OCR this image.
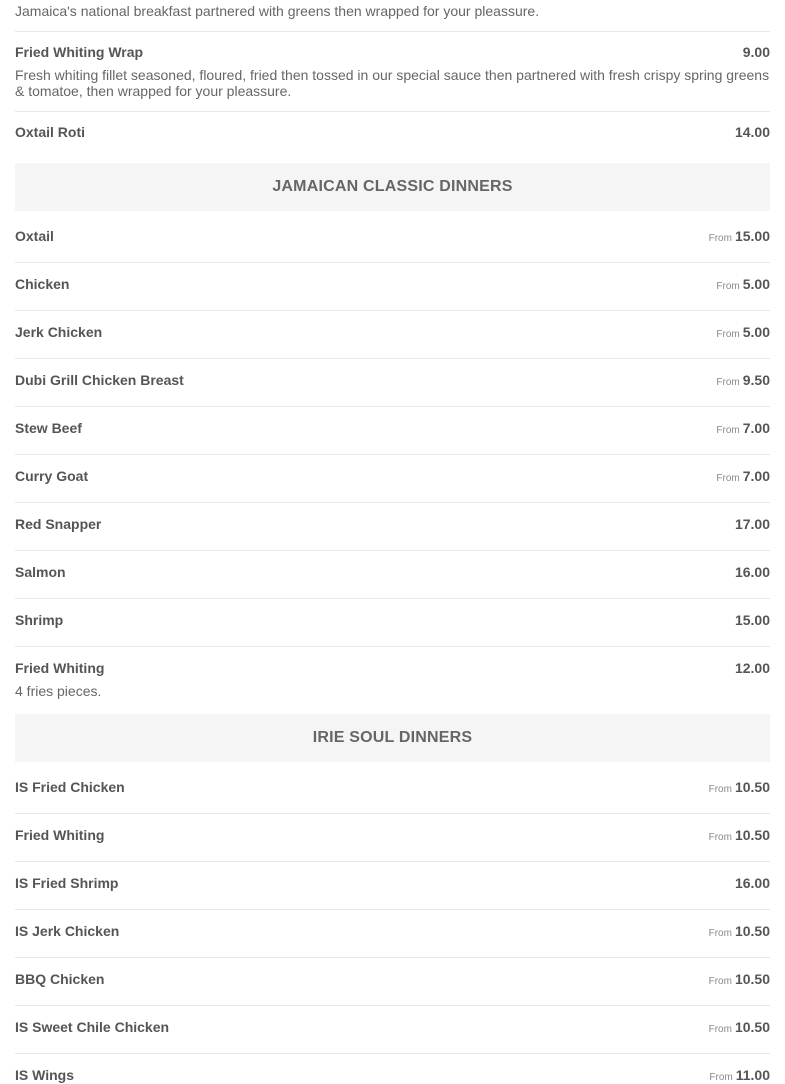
Jamaica's national breakfast partnered with greens then wrapped for your pleassure.
Fried Whiting Wrap	9.00
Fresh whiting fillet seasoned, floured, fried then tossed in our special sauce then partnered with fresh crispy spring greens & tomatoe, then wrapped for your pleassure.
Oxtail Roti	14.00
JAMAICAN CLASSIC DINNERS
Oxtail	From 15.00
Chicken	From 5.00
Jerk Chicken	From 5.00
Dubi Grill Chicken Breast	From 9.50
Stew Beef	From 7.00
Curry Goat	From 7.00
Red Snapper	17.00
Salmon	16.00
Shrimp	15.00
Fried Whiting	12.00
4 fries pieces.
IRIE SOUL DINNERS
IS Fried Chicken	From 10.50
Fried Whiting	From 10.50
IS Fried Shrimp	16.00
IS Jerk Chicken	From 10.50
BBQ Chicken	From 10.50
IS Sweet Chile Chicken	From 10.50
IS Wings	From 11.00
